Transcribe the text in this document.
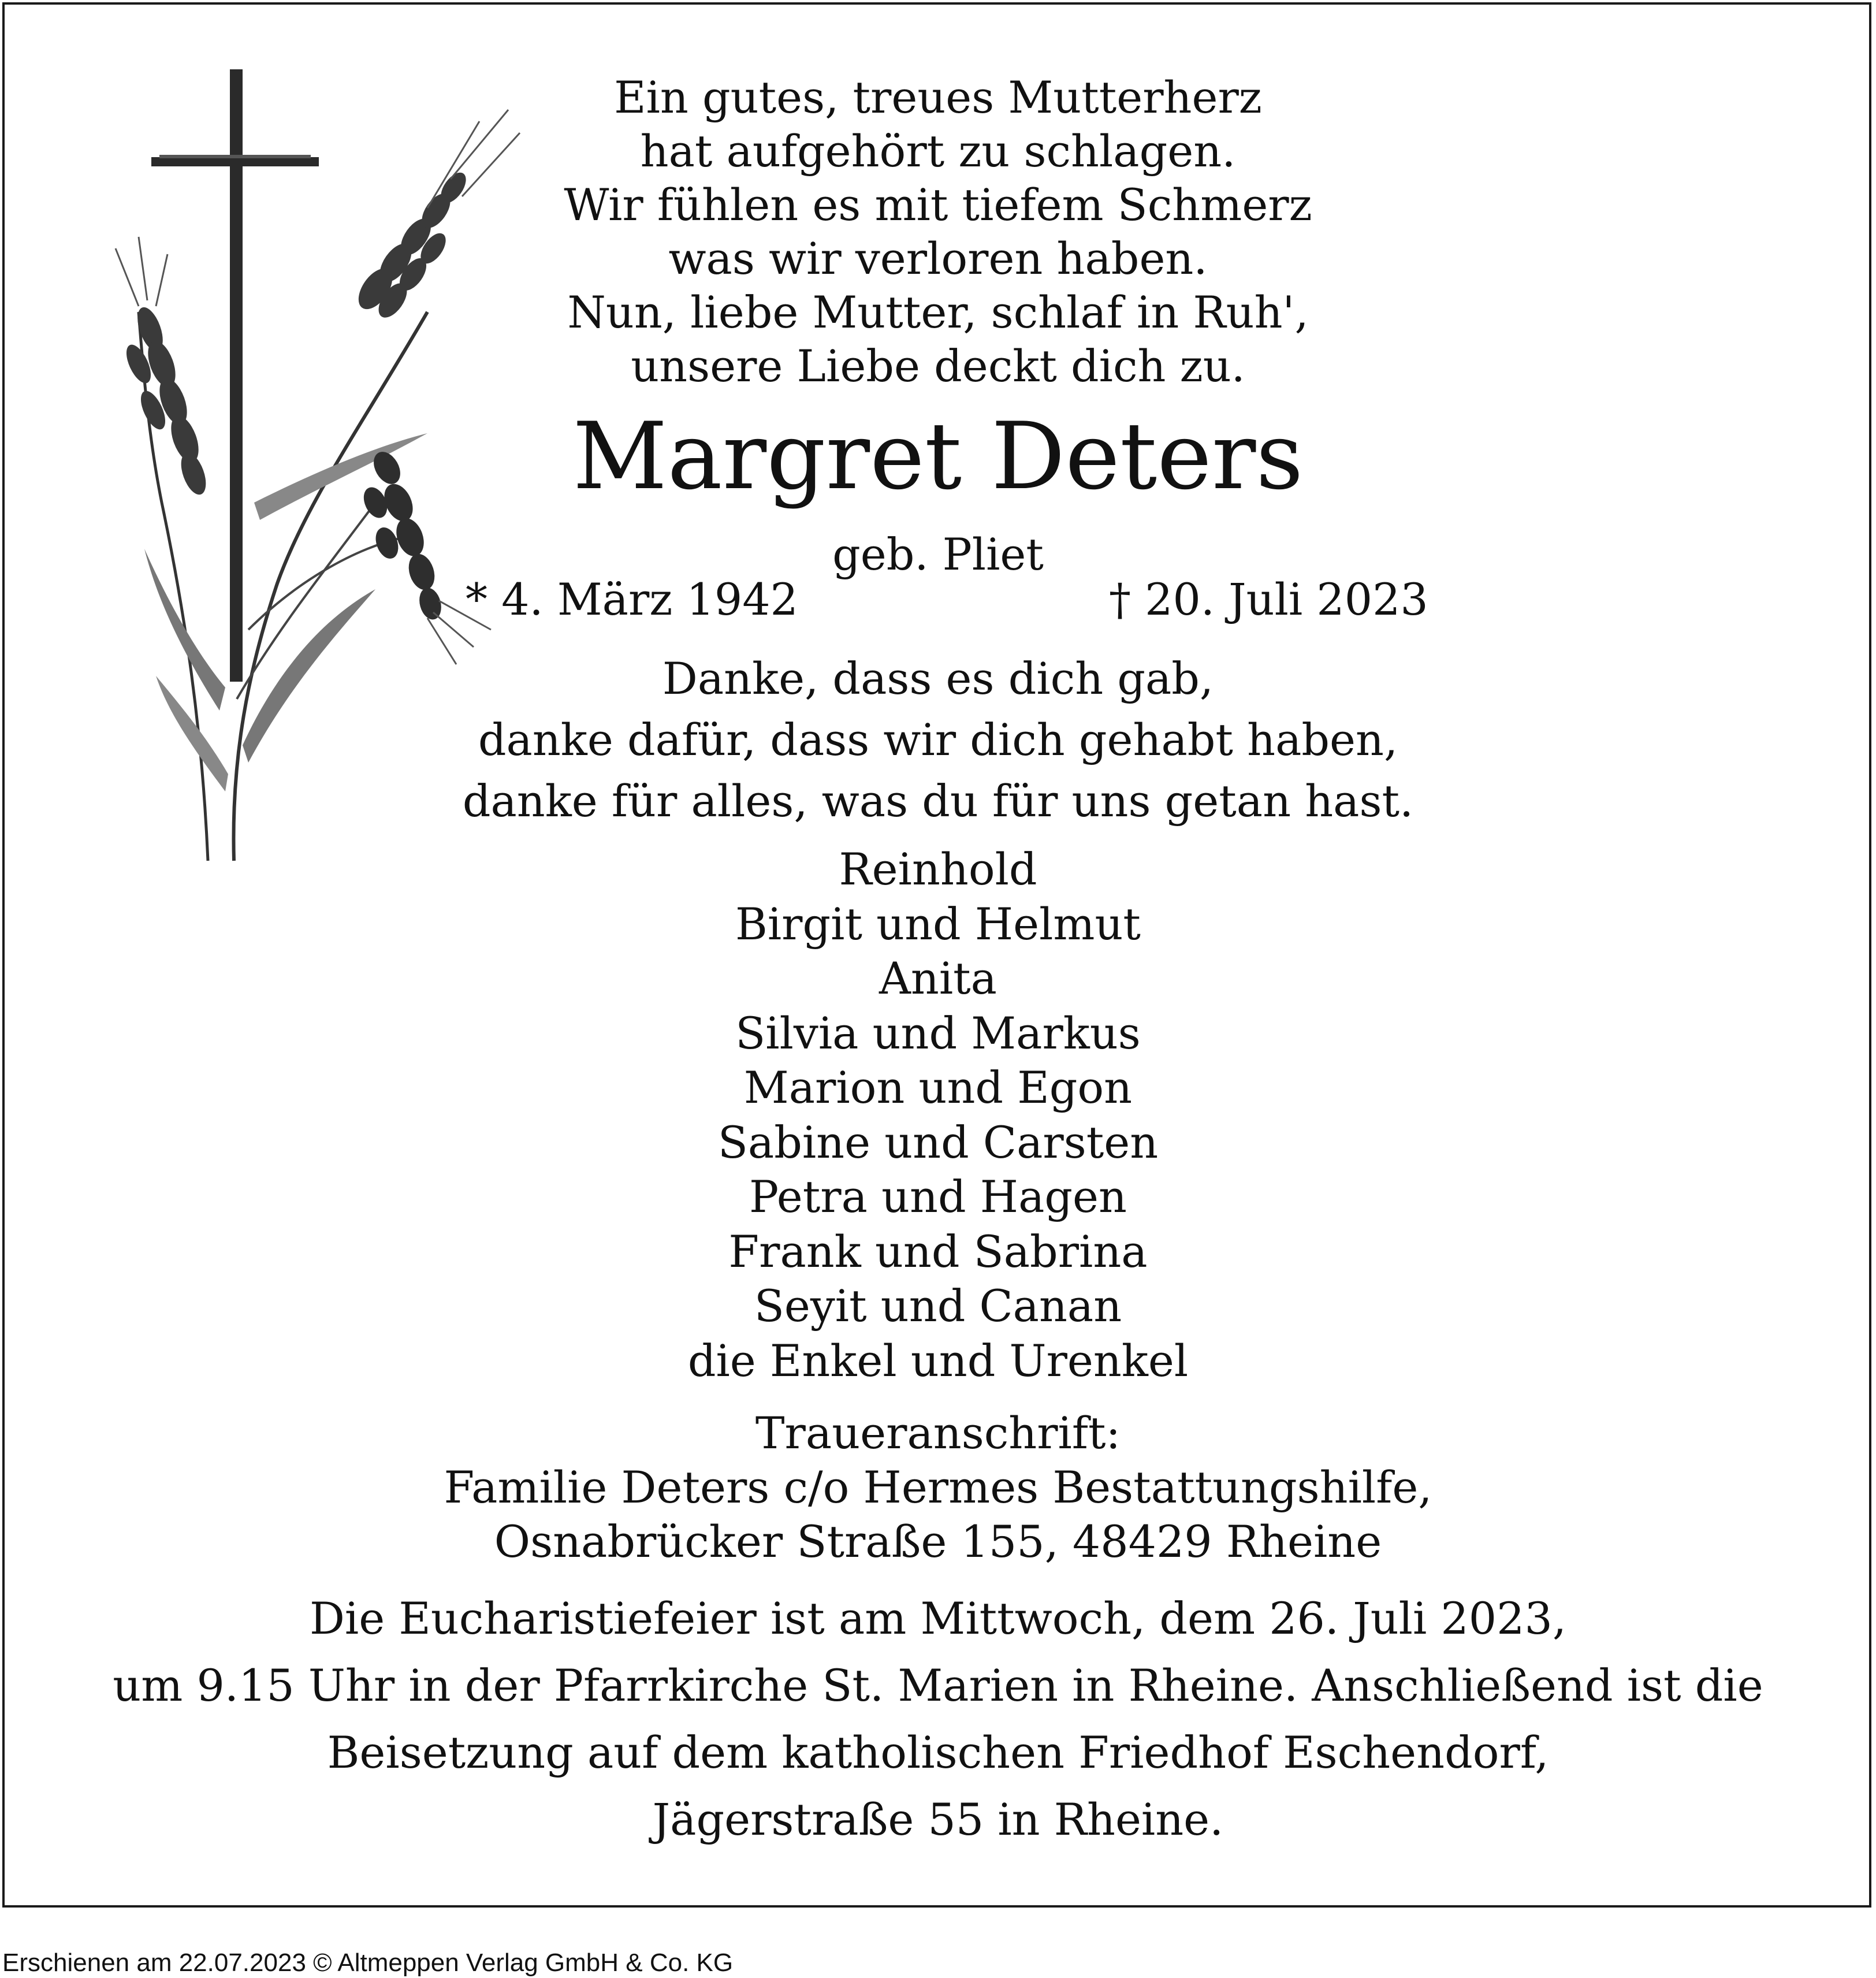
Ein gutes, treues Mutterherz
hat aufgehört zu schlagen.
Wir fühlen es mit tiefem Schmerz
was wir verloren haben.
Nun, liebe Mutter, schlaf in Ruh',
unsere Liebe deckt dich zu.
Margret Deters
geb. Pliet
* 4. März 1942	† 20. Juli 2023
Danke, dass es dich gab,
danke dafür, dass wir dich gehabt haben,
danke für alles, was du für uns getan hast.
Reinhold
Birgit und Helmut
Anita
Silvia und Markus
Marion und Egon
Sabine und Carsten
Petra und Hagen
Frank und Sabrina
Seyit und Canan
die Enkel und Urenkel
Traueranschrift:
Familie Deters c/o Hermes Bestattungshilfe,
Osnabrücker Straße 155, 48429 Rheine
Die Eucharistiefeier ist am Mittwoch, dem 26. Juli 2023,
um 9.15 Uhr in der Pfarrkirche St. Marien in Rheine. Anschließend ist die
Beisetzung auf dem katholischen Friedhof Eschendorf,
Jägerstraße 55 in Rheine.
Erschienen am 22.07.2023 © Altmeppen Verlag GmbH & Co. KG
